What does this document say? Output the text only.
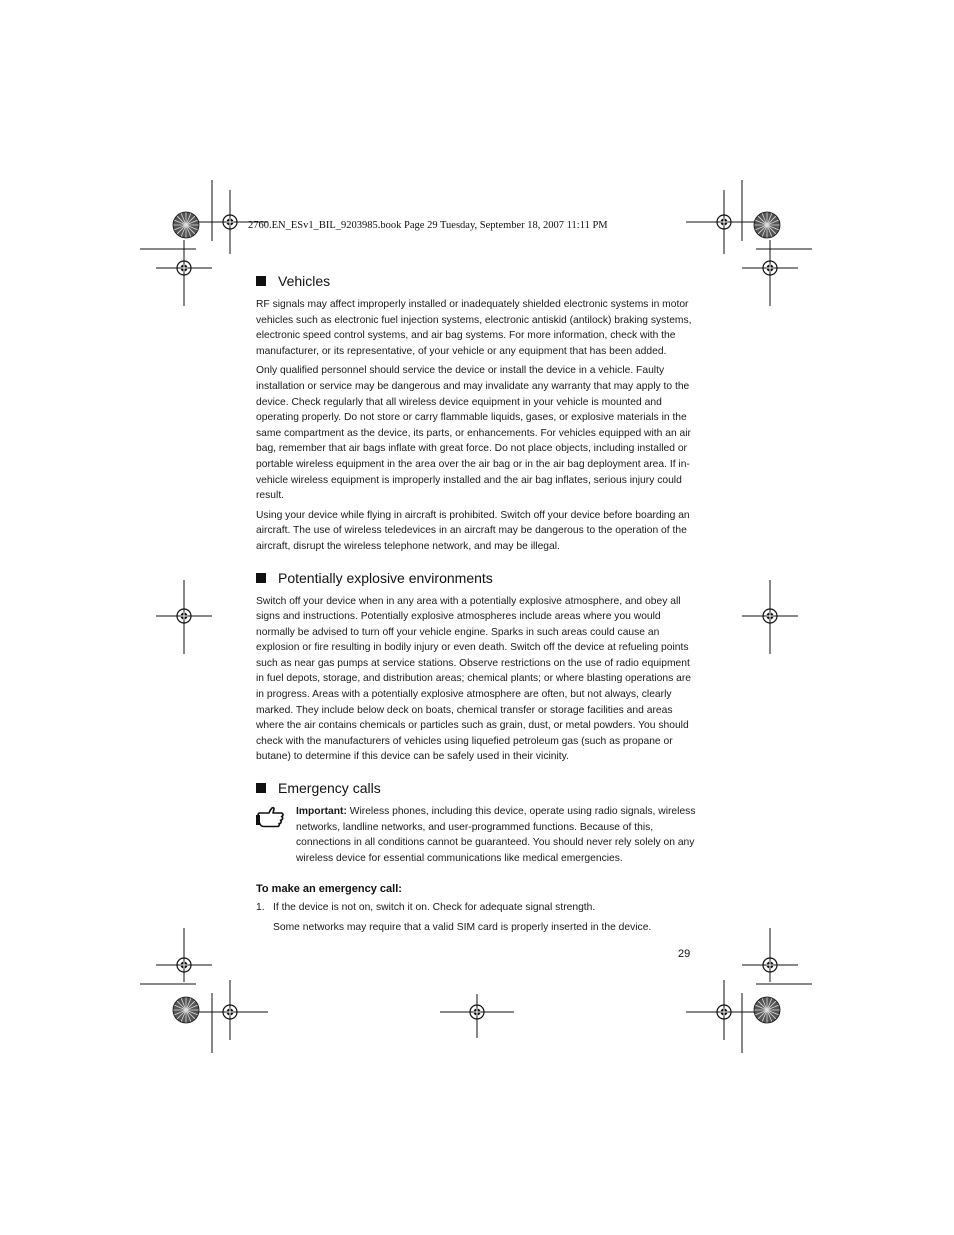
2760.EN_ESv1_BIL_9203985.book Page 29 Tuesday, September 18, 2007 11:11 PM
Vehicles

RF signals may affect improperly installed or inadequately shielded electronic systems in motor vehicles such as electronic fuel injection systems, electronic antiskid (antilock) braking systems, electronic speed control systems, and air bag systems. For more information, check with the manufacturer, or its representative, of your vehicle or any equipment that has been added.

Only qualified personnel should service the device or install the device in a vehicle. Faulty installation or service may be dangerous and may invalidate any warranty that may apply to the device. Check regularly that all wireless device equipment in your vehicle is mounted and operating properly. Do not store or carry flammable liquids, gases, or explosive materials in the same compartment as the device, its parts, or enhancements. For vehicles equipped with an air bag, remember that air bags inflate with great force. Do not place objects, including installed or portable wireless equipment in the area over the air bag or in the air bag deployment area. If in-vehicle wireless equipment is improperly installed and the air bag inflates, serious injury could result.

Using your device while flying in aircraft is prohibited. Switch off your device before boarding an aircraft. The use of wireless teledevices in an aircraft may be dangerous to the operation of the aircraft, disrupt the wireless telephone network, and may be illegal.

Potentially explosive environments

Switch off your device when in any area with a potentially explosive atmosphere, and obey all signs and instructions. Potentially explosive atmospheres include areas where you would normally be advised to turn off your vehicle engine. Sparks in such areas could cause an explosion or fire resulting in bodily injury or even death. Switch off the device at refueling points such as near gas pumps at service stations. Observe restrictions on the use of radio equipment in fuel depots, storage, and distribution areas; chemical plants; or where blasting operations are in progress. Areas with a potentially explosive atmosphere are often, but not always, clearly marked. They include below deck on boats, chemical transfer or storage facilities and areas where the air contains chemicals or particles such as grain, dust, or metal powders. You should check with the manufacturers of vehicles using liquefied petroleum gas (such as propane or butane) to determine if this device can be safely used in their vicinity.

Emergency calls

Important: Wireless phones, including this device, operate using radio signals, wireless networks, landline networks, and user-programmed functions. Because of this, connections in all conditions cannot be guaranteed. You should never rely solely on any wireless device for essential communications like medical emergencies.

To make an emergency call:
1. If the device is not on, switch it on. Check for adequate signal strength.
Some networks may require that a valid SIM card is properly inserted in the device.
29
